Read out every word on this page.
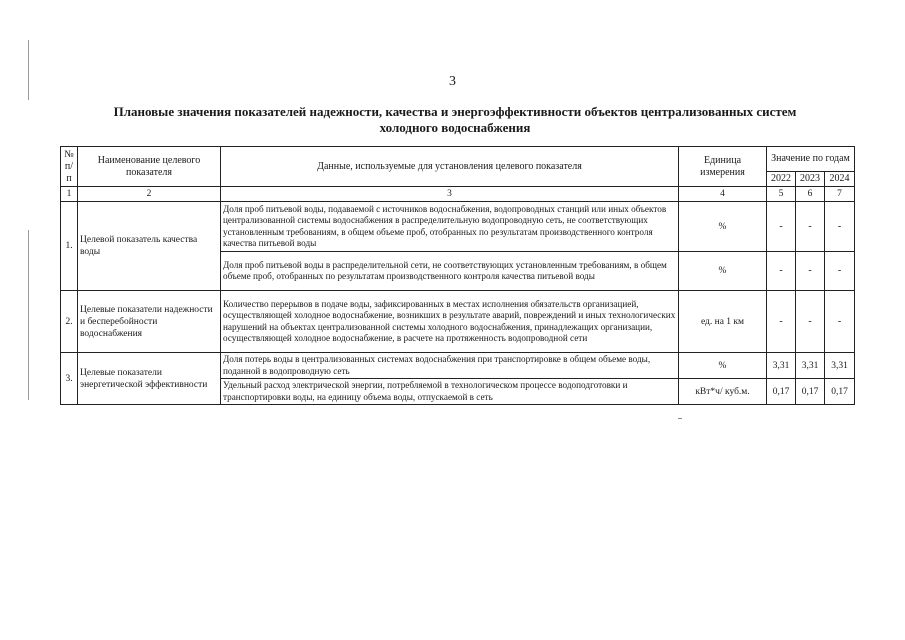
3
Плановые значения показателей надежности, качества и энергоэффективности объектов централизованных систем
холодного водоснабжения
№ п/п	Наименование целевого показателя	Данные, используемые для установления целевого показателя	Единица измерения	Значение по годам		
				2022	2023	2024
1	2	3	4	5	6	7
1.	Целевой показатель качества воды	Доля проб питьевой воды, подаваемой с источников водоснабжения, водопроводных станций или иных объектов централизованной системы водоснабжения в распределительную водопроводную сеть, не соответствующих установленным требованиям, в общем объеме проб, отобранных по результатам производственного контроля качества питьевой воды	%	-	-	-
		Доля проб питьевой воды в распределительной сети, не соответствующих установленным требованиям, в общем объеме проб, отобранных по результатам производственного контроля качества питьевой воды	%	-	-	-
2.	Целевые показатели надежности и бесперебойности водоснабжения	Количество перерывов в подаче воды, зафиксированных в местах исполнения обязательств организацией, осуществляющей холодное водоснабжение, возникших в результате аварий, повреждений и иных технологических нарушений на объектах централизованной системы холодного водоснабжения, принадлежащих организации, осуществляющей холодное водоснабжение, в расчете на протяженность водопроводной сети	ед. на 1 км	-	-	-
3.	Целевые показатели энергетической эффективности	Доля потерь воды в централизованных системах водоснабжения при транспортировке в общем объеме воды, поданной в водопроводную сеть	%	3,31	3,31	3,31
		Удельный расход электрической энергии, потребляемой в технологическом процессе водоподготовки и транспортировки воды, на единицу объема воды, отпускаемой в сеть	кВт*ч/ куб.м.	0,17	0,17	0,17
